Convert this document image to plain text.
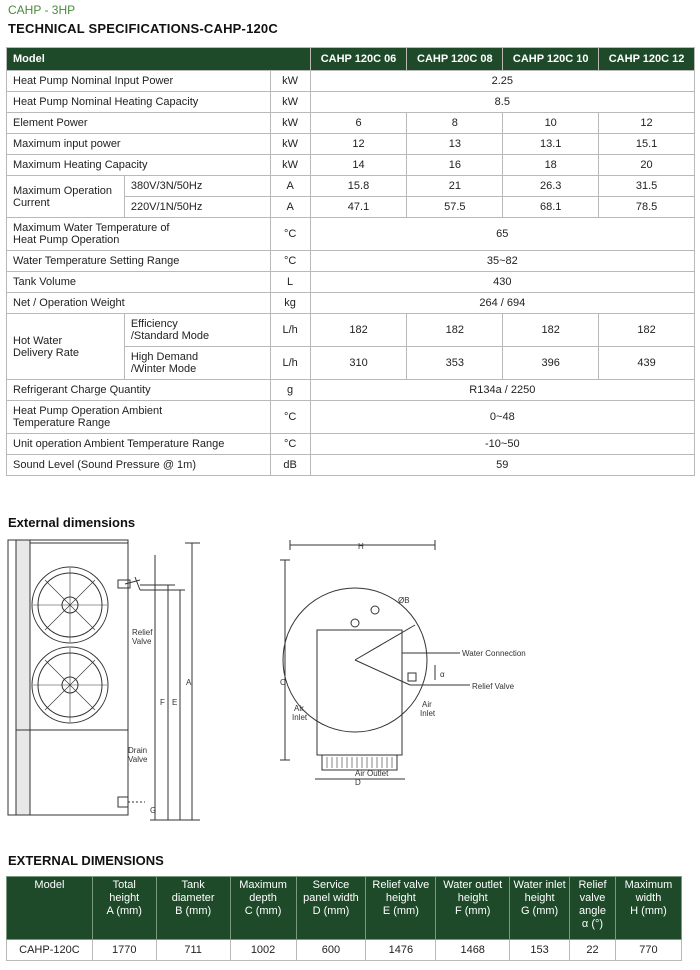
CAHP - 3HP
TECHNICAL SPECIFICATIONS-CAHP-120C
Model			CAHP 120C 06	CAHP 120C 08	CAHP 120C 10	CAHP 120C 12
Heat Pump Nominal Input Power		kW	2.25			
Heat Pump Nominal Heating Capacity		kW	8.5			
Element Power		kW	6	8	10	12
Maximum input power		kW	12	13	13.1	15.1
Maximum Heating Capacity		kW	14	16	18	20
Maximum Operation
Current	380V/3N/50Hz	A	15.8	21	26.3	31.5
	220V/1N/50Hz	A	47.1	57.5	68.1	78.5
Maximum Water Temperature of
Heat Pump Operation		°C	65			
Water Temperature Setting Range		°C	35~82			
Tank Volume		L	430			
Net / Operation Weight		kg	264 / 694			
Hot Water
Delivery Rate	Efficiency
/Standard Mode	L/h	182	182	182	182
	High Demand
/Winter Mode	L/h	310	353	396	439
Refrigerant Charge Quantity		g	R134a / 2250			
Heat Pump Operation Ambient
Temperature Range		°C	0~48			
Unit operation Ambient Temperature Range		°C	-10~50			
Sound Level (Sound Pressure @ 1m)		dB	59			
External dimensions
Relief
Valve
Drain
Valve
A
E
F
G
H
C
D
ØB
α
Water Connection
Relief Valve
Air
Inlet
Air
Inlet
Air Outlet
EXTERNAL DIMENSIONS
Model	Total
height
A (mm)	Tank
diameter
B (mm)	Maximum
depth
C (mm)	Service
panel width
D (mm)	Relief valve
height
E (mm)	Water outlet
height
F (mm)	Water inlet
height
G (mm)	Relief
valve
angle
α (°)	Maximum
width
H (mm)
CAHP-120C	1770	711	1002	600	1476	1468	153	22	770
